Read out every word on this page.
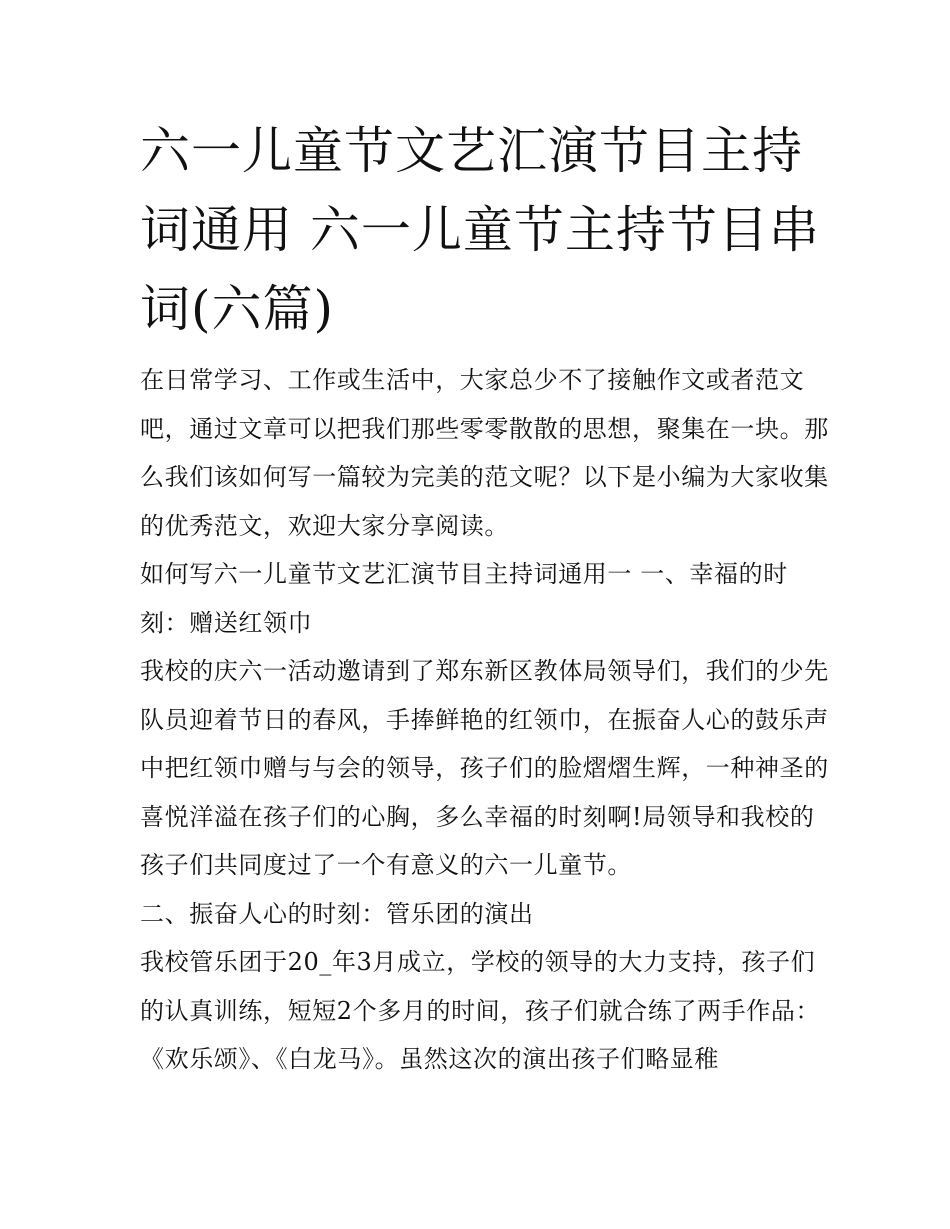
六一儿童节文艺汇演节目主持词通用 六一儿童节主持节目串词(六篇)

在日常学习、工作或生活中，大家总少不了接触作文或者范文吧，通过文章可以把我们那些零零散散的思想，聚集在一块。那么我们该如何写一篇较为完美的范文呢？以下是小编为大家收集的优秀范文，欢迎大家分享阅读。

如何写六一儿童节文艺汇演节目主持词通用一 一、幸福的时刻：赠送红领巾

我校的庆六一活动邀请到了郑东新区教体局领导们，我们的少先队员迎着节日的春风，手捧鲜艳的红领巾，在振奋人心的鼓乐声中把红领巾赠与与会的领导，孩子们的脸熠熠生辉，一种神圣的喜悦洋溢在孩子们的心胸，多么幸福的时刻啊!局领导和我校的孩子们共同度过了一个有意义的六一儿童节。

二、振奋人心的时刻：管乐团的演出

我校管乐团于20_年3月成立，学校的领导的大力支持，孩子们的认真训练，短短2个多月的时间，孩子们就合练了两手作品：《欢乐颂》、《白龙马》。虽然这次的演出孩子们略显稚
